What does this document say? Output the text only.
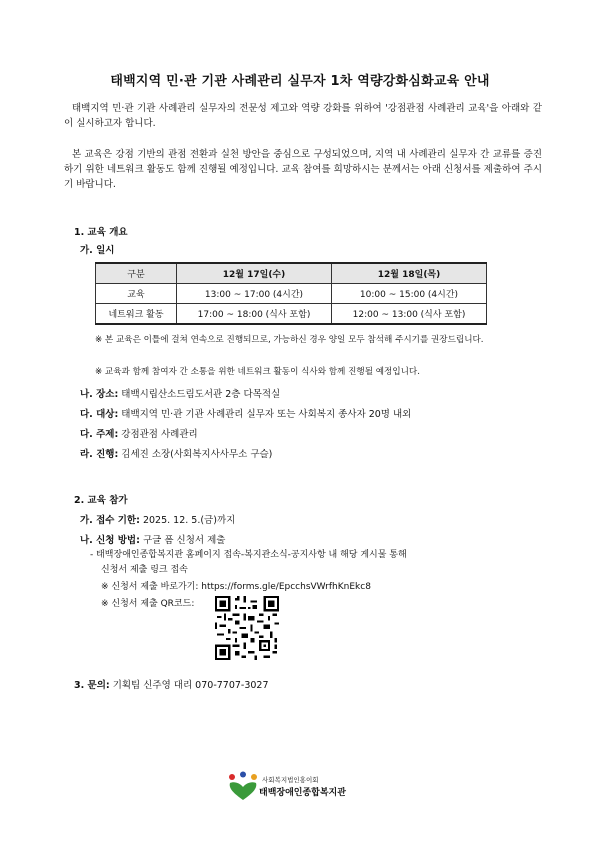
태백지역 민·관 기관 사례관리 실무자 1차 역량강화심화교육 안내

태백지역 민·관 기관 사례관리 실무자의 전문성 제고와 역량 강화를 위하여 '강점관점 사례관리 교육'을 아래와 같이 실시하고자 합니다.

본 교육은 강점 기반의 관점 전환과 실천 방안을 중심으로 구성되었으며, 지역 내 사례관리 실무자 간 교류를 증진하기 위한 네트워크 활동도 함께 진행될 예정입니다. 교육 참여를 희망하시는 분께서는 아래 신청서를 제출하여 주시기 바랍니다.

1. 교육 개요
가. 일시
구분	12월 17일(수)	12월 18일(목)
교육	13:00 ~ 17:00 (4시간)	10:00 ~ 15:00 (4시간)
네트워크 활동	17:00 ~ 18:00 (식사 포함)	12:00 ~ 13:00 (식사 포함)
※ 본 교육은 이틀에 걸쳐 연속으로 진행되므로, 가능하신 경우 양일 모두 참석해 주시기를 권장드립니다.
※ 교육과 함께 참여자 간 소통을 위한 네트워크 활동이 식사와 함께 진행될 예정입니다.
나. 장소: 태백시립산소드림도서관 2층 다목적실
다. 대상: 태백지역 민·관 기관 사례관리 실무자 또는 사회복지 종사자 20명 내외
다. 주제: 강점관점 사례관리
라. 진행: 김세진 소장(사회복지사사무소 구슬)
2. 교육 참가
가. 접수 기한: 2025. 12. 5.(금)까지
나. 신청 방법: 구글 폼 신청서 제출
- 태백장애인종합복지관 홈페이지 접속-복지관소식-공지사항 내 해당 게시물 통해
신청서 제출 링크 접속
※ 신청서 제출 바로가기: https://forms.gle/EpcchsVWrfhKnEkc8
※ 신청서 제출 QR코드:
3. 문의: 기획팀 신주영 대리 070-7707-3027
사회복지법인홍이회
태백장애인종합복지관
